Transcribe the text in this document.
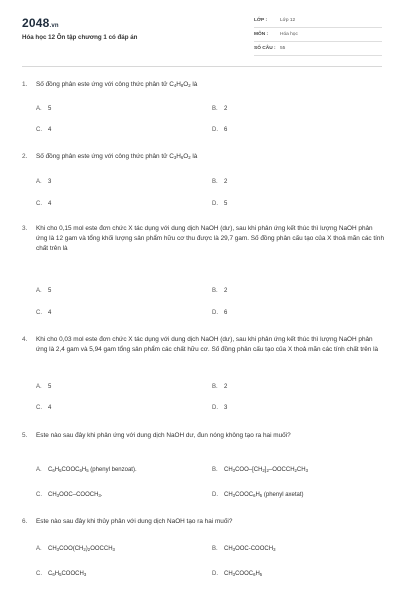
2048.vn
Hóa học 12 Ôn tập chương 1 có đáp án
LỚP :	Lớp 12
MÔN :	Hóa học
SỐ CÂU : 55
1. Số đồng phân este ứng với công thức phân tử $C_4H_8O_2$ là
A. 5	B. 2
C. 4	D. 6
2. Số đồng phân este ứng với công thức phân tử $C_3H_6O_2$ là
A. 3	B. 2
C. 4	D. 5
3. Khi cho 0,15 mol este đơn chức X tác dụng với dung dịch NaOH (dư), sau khi phản ứng kết thúc thì lượng NaOH phản ứng là 12 gam và tổng khối lượng sản phẩm hữu cơ thu được là 29,7 gam. Số đồng phân cấu tạo của X thoả mãn các tính chất trên là
A. 5	B. 2
C. 4	D. 6
4. Khi cho 0,03 mol este đơn chức X tác dụng với dung dịch NaOH (dư), sau khi phản ứng kết thúc thì lượng NaOH phản ứng là 2,4 gam và 5,94 gam tổng sản phẩm các chất hữu cơ. Số đồng phân cấu tạo của X thoả mãn các tính chất trên là
A. 5	B. 2
C. 4	D. 3
5. Este nào sau đây khi phản ứng với dung dịch NaOH dư, đun nóng không tạo ra hai muối?
A. $C_6H_5COOC_6H_5$ (phenyl benzoat).	B. $CH_3COO-[CH_2]_2-OOCCH_2CH_3$
C. $CH_3OOC-COOCH_3$.	D. $CH_3COOC_6H_5$ (phenyl axetat)
6. Este nào sau đây khi thủy phân với dung dịch NaOH tạo ra hai muối?
A. $CH_3COO(CH_2)_2OOCCH_3$	B. $CH_3OOC-COOCH_3$
C. $C_6H_5COOCH_3$	D. $CH_3COOC_6H_5$
